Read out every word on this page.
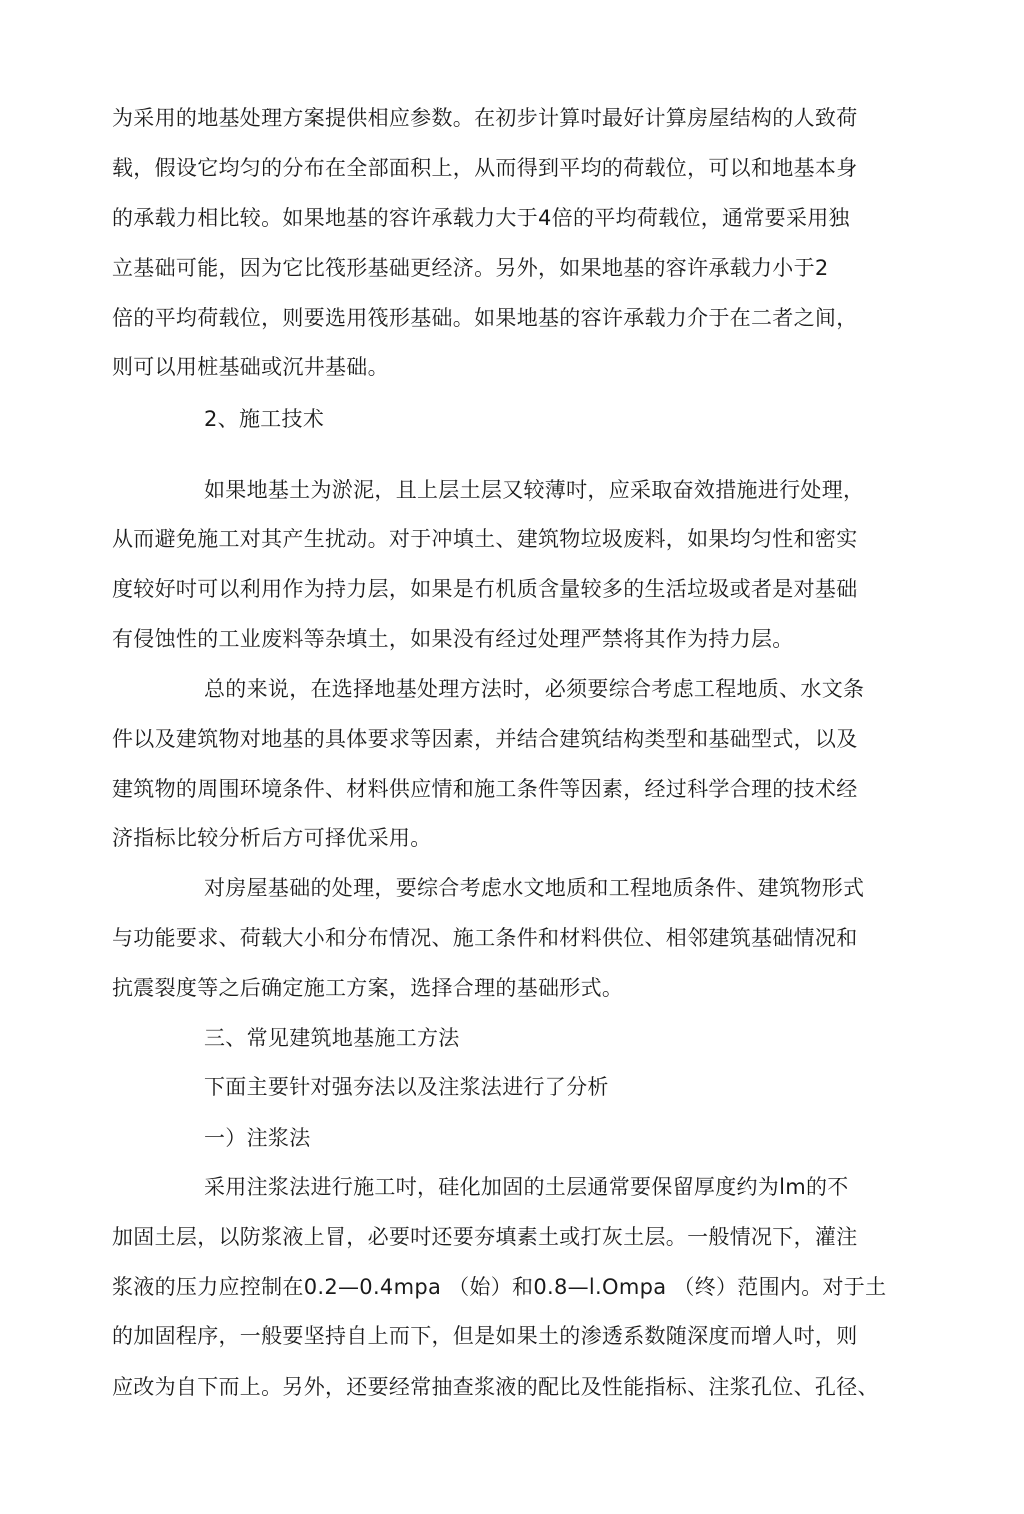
为采用的地基处理方案提供相应参数。在初步计算吋最好计算房屋结构的人致荷
载，假设它均匀的分布在全部面积上，从而得到平均的荷载位，可以和地基本身
的承载力相比较。如果地基的容许承载力大于4倍的平均荷载位，通常要采用独
立基础可能，因为它比筏形基础更经济。另外，如果地基的容许承载力小于2
倍的平均荷载位，则要选用筏形基础。如果地基的容许承载力介于在二者之间，
则可以用桩基础或沉井基础。
2、施工技术
如果地基土为淤泥，且上层土层又较薄吋，应采取奋效措施进行处理，
从而避免施工对其产生扰动。对于冲填土、建筑物垃圾废料，如果均匀性和密实
度较好吋可以利用作为持力层，如果是冇机质含量较多的生活垃圾或者是对基础
有侵蚀性的工业废料等杂填土，如果没有经过处理严禁将其作为持力层。
总的来说，在选择地基处理方法时，必须要综合考虑工程地质、水文条
件以及建筑物对地基的具体要求等因素，并结合建筑结构类型和基础型式，以及
建筑物的周围环境条件、材料供应情和施工条件等因素，经过科学合理的技术经
济指标比较分析后方可择优采用。
对房屋基础的处理，要综合考虑水文地质和工程地质条件、建筑物形式
与功能要求、荷载大小和分布情况、施工条件和材料供位、相邻建筑基础情况和
抗震裂度等之后确定施工方案，选择合理的基础形式。
三、常见建筑地基施工方法
下面主要针对强夯法以及注浆法进行了分析
一）注浆法
采用注浆法进行施工吋，硅化加固的土层通常要保留厚度约为lm的不
加固土层，以防浆液上冒，必要吋还要夯填素土或打灰土层。一般情况下，灌注
浆液的压力应控制在0.2—0.4mpa （始）和0.8—l.Ompa （终）范围内。对于土
的加固程序，一般要坚持自上而下，但是如果土的渗透系数随深度而增人吋，则
应改为自下而上。另外，还要经常抽查浆液的配比及性能指标、注浆孔位、孔径、
